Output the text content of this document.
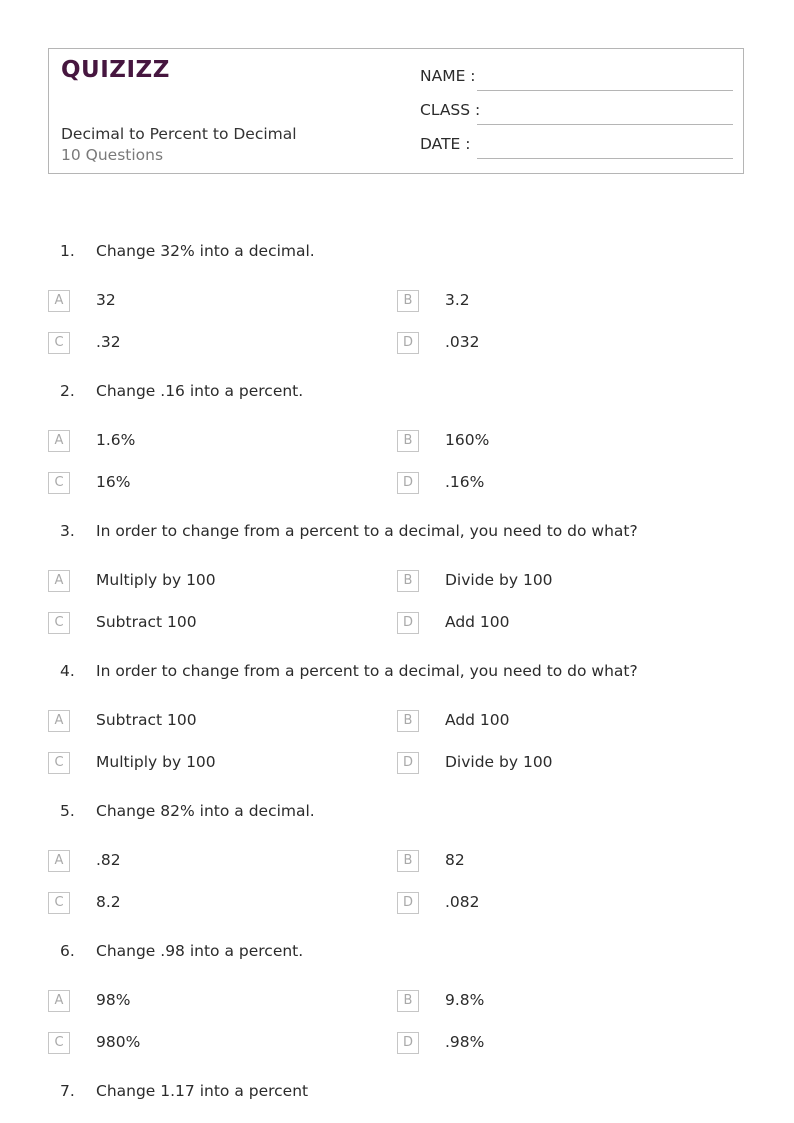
QUIZIZZ
Decimal to Percent to Decimal
10 Questions
NAME :
CLASS :
DATE :
1. Change 32% into a decimal.
A	32	B	3.2
C	.32	D	.032
2. Change .16 into a percent.
A	1.6%	B	160%
C	16%	D	.16%
3. In order to change from a percent to a decimal, you need to do what?
A	Multiply by 100	B	Divide by 100
C	Subtract 100	D	Add 100
4. In order to change from a percent to a decimal, you need to do what?
A	Subtract 100	B	Add 100
C	Multiply by 100	D	Divide by 100
5. Change 82% into a decimal.
A	.82	B	82
C	8.2	D	.082
6. Change .98 into a percent.
A	98%	B	9.8%
C	980%	D	.98%
7. Change 1.17 into a percent
